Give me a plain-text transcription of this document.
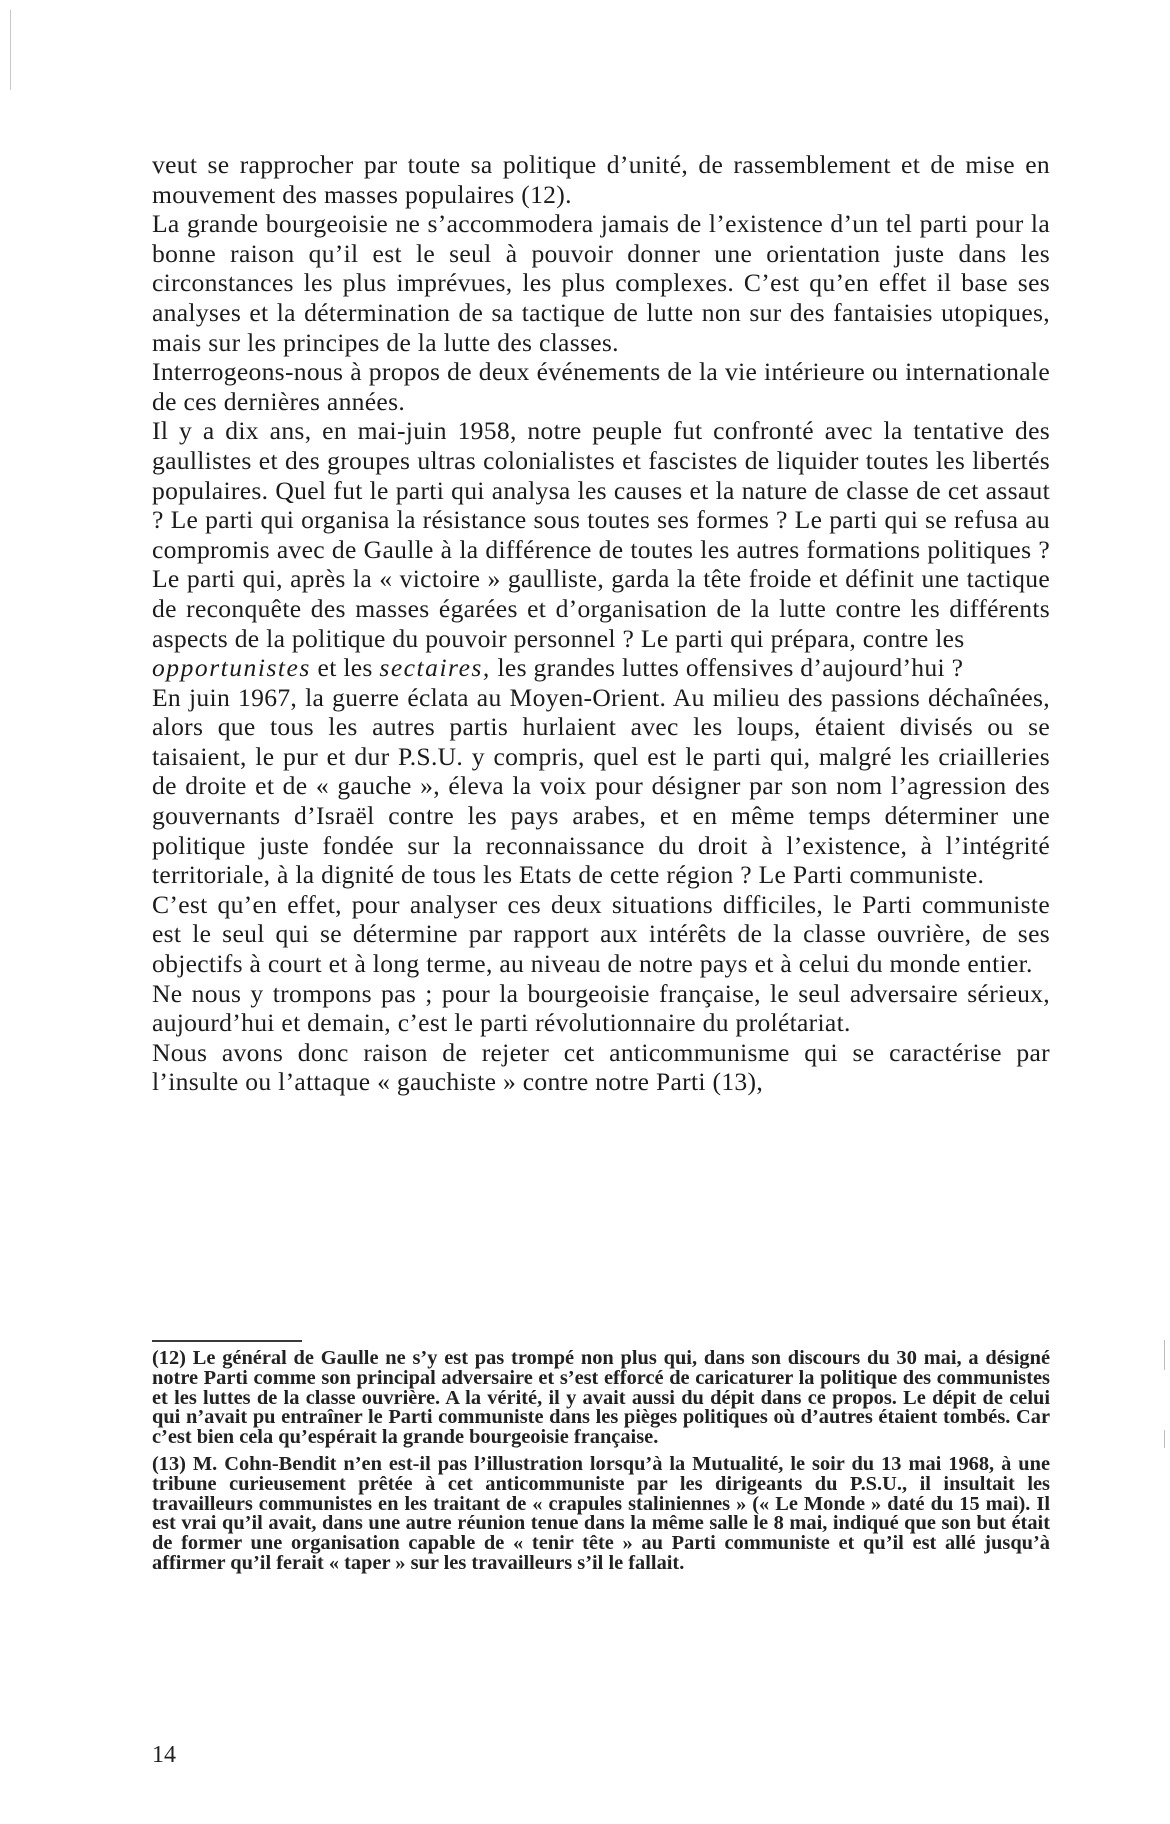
veut se rapprocher par toute sa politique d’unité, de rassemblement et de mise en mouvement des masses populaires (12).

La grande bourgeoisie ne s’accommodera jamais de l’existence d’un tel parti pour la bonne raison qu’il est le seul à pouvoir donner une orientation juste dans les circonstances les plus imprévues, les plus complexes. C’est qu’en effet il base ses analyses et la détermination de sa tactique de lutte non sur des fantaisies utopiques, mais sur les principes de la lutte des classes.

Interrogeons-nous à propos de deux événements de la vie intérieure ou internationale de ces dernières années.

Il y a dix ans, en mai-juin 1958, notre peuple fut confronté avec la tentative des gaullistes et des groupes ultras colonialistes et fascistes de liquider toutes les libertés populaires. Quel fut le parti qui analysa les causes et la nature de classe de cet assaut ? Le parti qui organisa la résistance sous toutes ses formes ? Le parti qui se refusa au compromis avec de Gaulle à la différence de toutes les autres formations politiques ? Le parti qui, après la « victoire » gaulliste, garda la tête froide et définit une tactique de reconquête des masses égarées et d’organisation de la lutte contre les différents aspects de la politique du pouvoir personnel ? Le parti qui prépara, contre les
opportunistes et les sectaires, les grandes luttes offensives d’aujourd’hui ?

En juin 1967, la guerre éclata au Moyen-Orient. Au milieu des passions déchaînées, alors que tous les autres partis hurlaient avec les loups, étaient divisés ou se taisaient, le pur et dur P.S.U. y compris, quel est le parti qui, malgré les criailleries de droite et de « gauche », éleva la voix pour désigner par son nom l’agression des gouvernants d’Israël contre les pays arabes, et en même temps déterminer une politique juste fondée sur la reconnaissance du droit à l’existence, à l’intégrité territoriale, à la dignité de tous les Etats de cette région ? Le Parti communiste.

C’est qu’en effet, pour analyser ces deux situations difficiles, le Parti communiste est le seul qui se détermine par rapport aux intérêts de la classe ouvrière, de ses objectifs à court et à long terme, au niveau de notre pays et à celui du monde entier.

Ne nous y trompons pas ; pour la bourgeoisie française, le seul adversaire sérieux, aujourd’hui et demain, c’est le parti révolutionnaire du prolétariat.

Nous avons donc raison de rejeter cet anticommunisme qui se caractérise par l’insulte ou l’attaque « gauchiste » contre notre Parti (13),

(12) Le général de Gaulle ne s’y est pas trompé non plus qui, dans son discours du 30 mai, a désigné notre Parti comme son principal adversaire et s’est efforcé de caricaturer la politique des communistes et les luttes de la classe ouvrière. A la vérité, il y avait aussi du dépit dans ce propos. Le dépit de celui qui n’avait pu entraîner le Parti communiste dans les pièges politiques où d’autres étaient tombés. Car c’est bien cela qu’espérait la grande bourgeoisie française.

(13) M. Cohn-Bendit n’en est-il pas l’illustration lorsqu’à la Mutualité, le soir du 13 mai 1968, à une tribune curieusement prêtée à cet anticommuniste par les dirigeants du P.S.U., il insultait les travailleurs communistes en les traitant de « crapules staliniennes » (« Le Monde » daté du 15 mai). Il est vrai qu’il avait, dans une autre réunion tenue dans la même salle le 8 mai, indiqué que son but était de former une organisation capable de « tenir tête » au Parti communiste et qu’il est allé jusqu’à affirmer qu’il ferait « taper » sur les travailleurs s’il le fallait.

14
